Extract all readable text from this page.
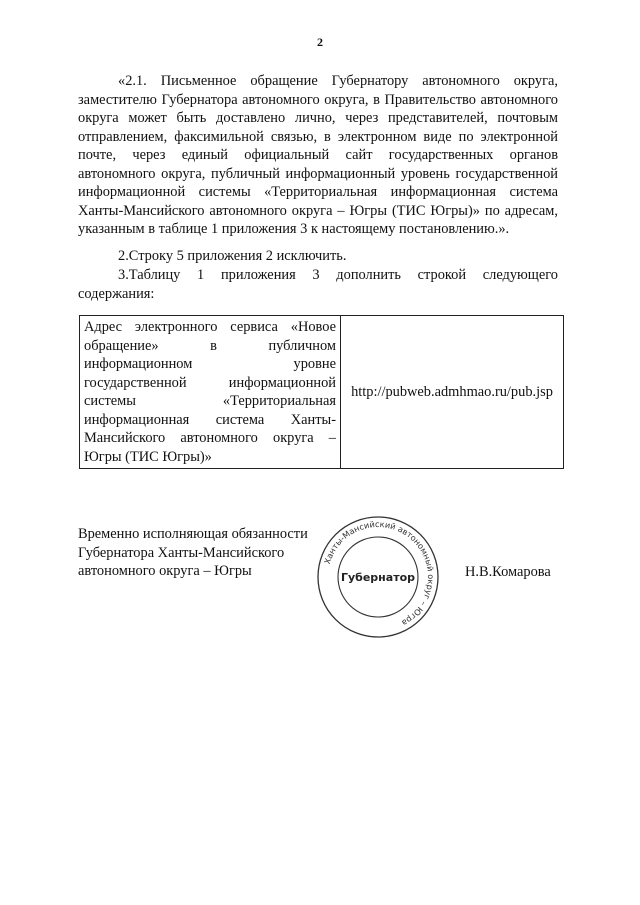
2

«2.1. Письменное обращение Губернатору автономного округа, заместителю Губернатора автономного округа, в Правительство автономного округа может быть доставлено лично, через представителей, почтовым отправлением, факсимильной связью, в электронном виде по электронной почте, через единый официальный сайт государственных органов автономного округа, публичный информационный уровень государственной информационной системы «Территориальная информационная система Ханты-Мансийского автономного округа – Югры (ТИС Югры)» по адресам, указанным в таблице 1 приложения 3 к настоящему постановлению.».

2.Строку 5 приложения 2 исключить.

3.Таблицу 1 приложения 3 дополнить строкой следующего содержания:

Адрес электронного сервиса «Новое обращение» в публичном информационном уровне государственной информационной системы «Территориальная информационная система Ханты-Мансийского автономного округа – Югры (ТИС Югры)»	http://pubweb.admhmao.ru/pub.jsp
Временно исполняющая обязанности
Губернатора Ханты-Мансийского
автономного округа – Югры
Ханты-Мансийский автономный округ – Югра
Губернатор	Н.В.Комарова
